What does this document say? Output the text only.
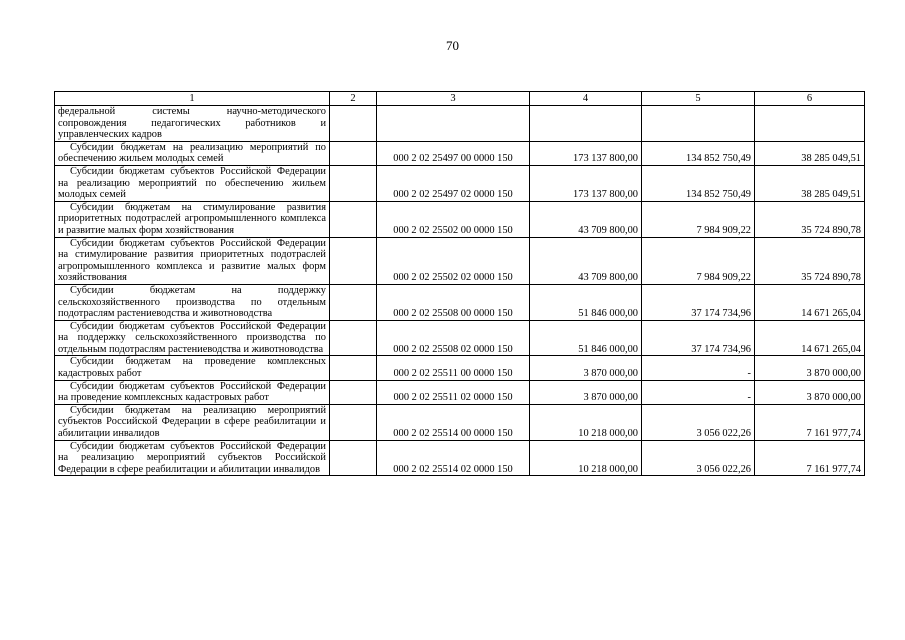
70
1	2	3	4	5	6
федеральной системы научно-методического сопровождения педагогических работников и управленческих кадров					
Субсидии бюджетам на реализацию мероприятий по обеспечению жильем молодых семей		000 2 02 25497 00 0000 150	173 137 800,00	134 852 750,49	38 285 049,51
Субсидии бюджетам субъектов Российской Федерации на реализацию мероприятий по обеспечению жильем молодых семей		000 2 02 25497 02 0000 150	173 137 800,00	134 852 750,49	38 285 049,51
Субсидии бюджетам на стимулирование развития приоритетных подотраслей агропромышленного комплекса и развитие малых форм хозяйствования		000 2 02 25502 00 0000 150	43 709 800,00	7 984 909,22	35 724 890,78
Субсидии бюджетам субъектов Российской Федерации на стимулирование развития приоритетных подотраслей агропромышленного комплекса и развитие малых форм хозяйствования		000 2 02 25502 02 0000 150	43 709 800,00	7 984 909,22	35 724 890,78
Субсидии бюджетам на поддержку сельскохозяйственного производства по отдельным подотраслям растениеводства и животноводства		000 2 02 25508 00 0000 150	51 846 000,00	37 174 734,96	14 671 265,04
Субсидии бюджетам субъектов Российской Федерации на поддержку сельскохозяйственного производства по отдельным подотраслям растениеводства и животноводства		000 2 02 25508 02 0000 150	51 846 000,00	37 174 734,96	14 671 265,04
Субсидии бюджетам на проведение комплексных кадастровых работ		000 2 02 25511 00 0000 150	3 870 000,00	-	3 870 000,00
Субсидии бюджетам субъектов Российской Федерации на проведение комплексных кадастровых работ		000 2 02 25511 02 0000 150	3 870 000,00	-	3 870 000,00
Субсидии бюджетам на реализацию мероприятий субъектов Российской Федерации в сфере реабилитации и абилитации инвалидов		000 2 02 25514 00 0000 150	10 218 000,00	3 056 022,26	7 161 977,74
Субсидии бюджетам субъектов Российской Федерации на реализацию мероприятий субъектов Российской Федерации в сфере реабилитации и абилитации инвалидов		000 2 02 25514 02 0000 150	10 218 000,00	3 056 022,26	7 161 977,74
